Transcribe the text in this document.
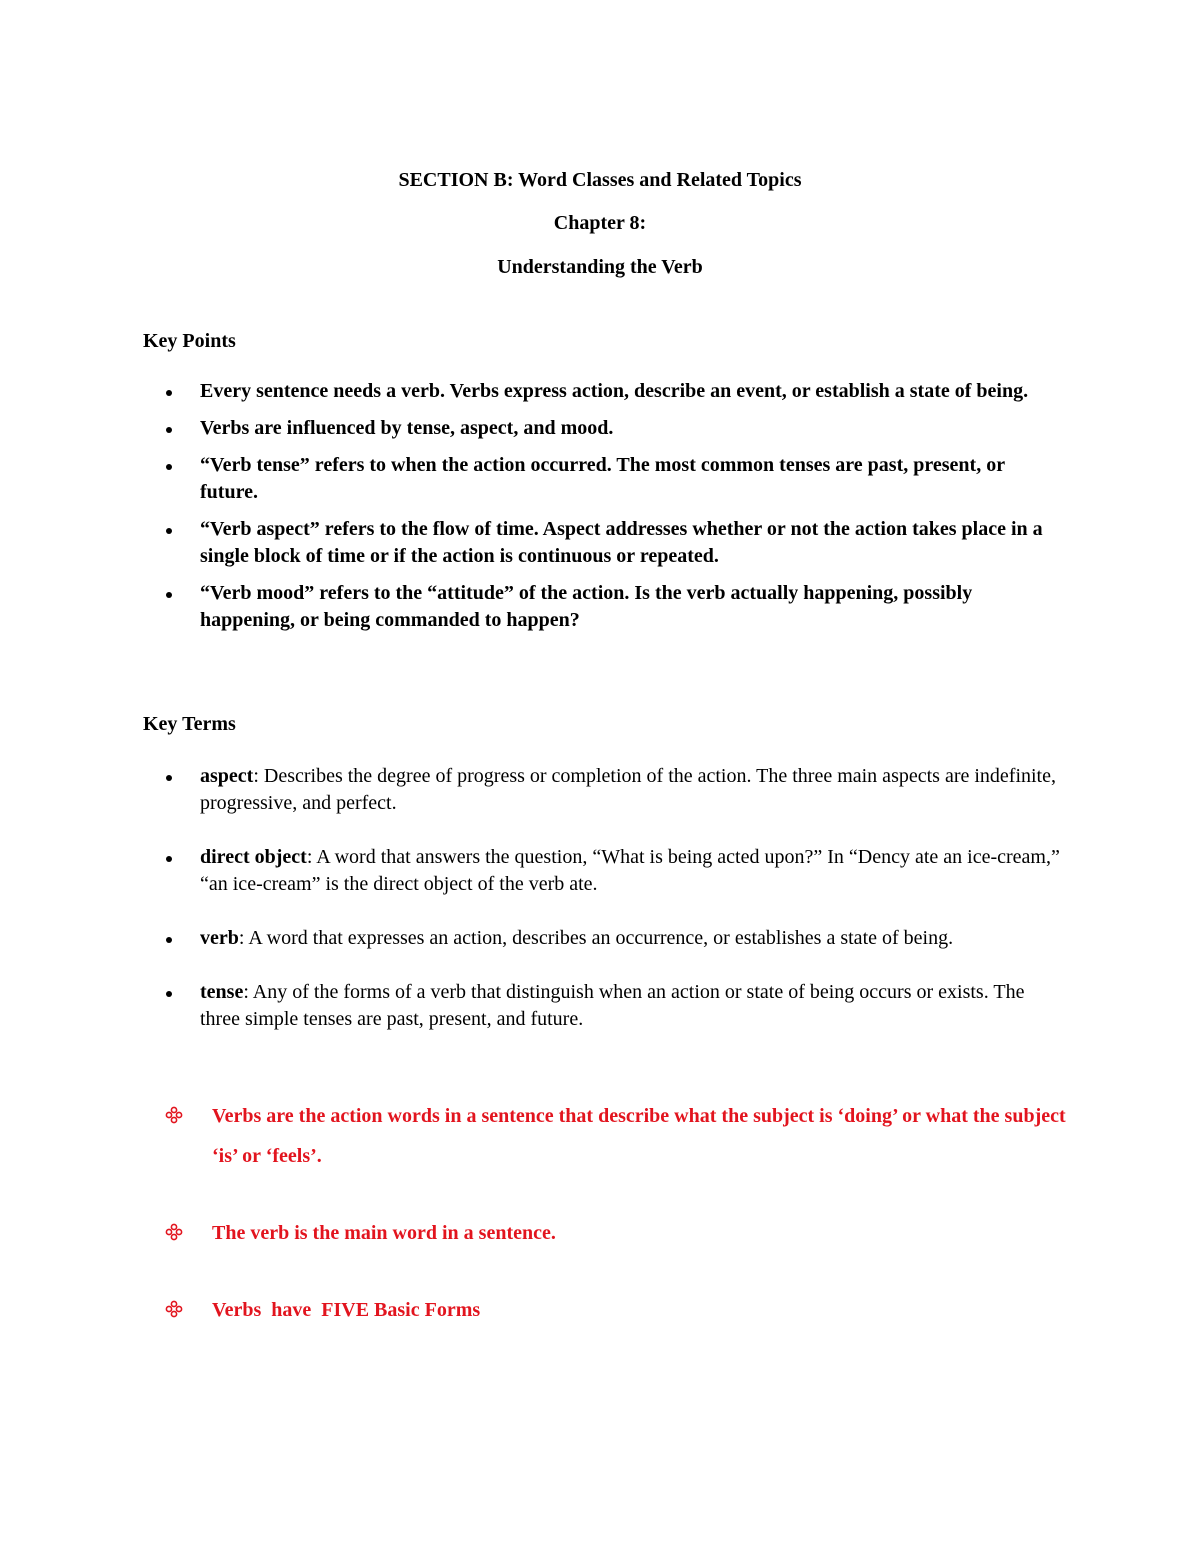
SECTION B: Word Classes and Related Topics
Chapter 8:
Understanding the Verb
Key Points
Every sentence needs a verb. Verbs express action, describe an event, or establish a state of being.
Verbs are influenced by tense, aspect, and mood.
“Verb tense” refers to when the action occurred. The most common tenses are past, present, or future.
“Verb aspect” refers to the flow of time. Aspect addresses whether or not the action takes place in a single block of time or if the action is continuous or repeated.
“Verb mood” refers to the “attitude” of the action. Is the verb actually happening, possibly happening, or being commanded to happen?
Key Terms
aspect: Describes the degree of progress or completion of the action. The three main aspects are indefinite, progressive, and perfect.
direct object: A word that answers the question, “What is being acted upon?” In “Dency ate an ice-cream,” “an ice-cream” is the direct object of the verb ate.
verb: A word that expresses an action, describes an occurrence, or establishes a state of being.
tense: Any of the forms of a verb that distinguish when an action or state of being occurs or exists. The three simple tenses are past, present, and future.
Verbs are the action words in a sentence that describe what the subject is ‘doing’ or what the subject ‘is’ or ‘feels’.
The verb is the main word in a sentence.
Verbs  have  FIVE Basic Forms
